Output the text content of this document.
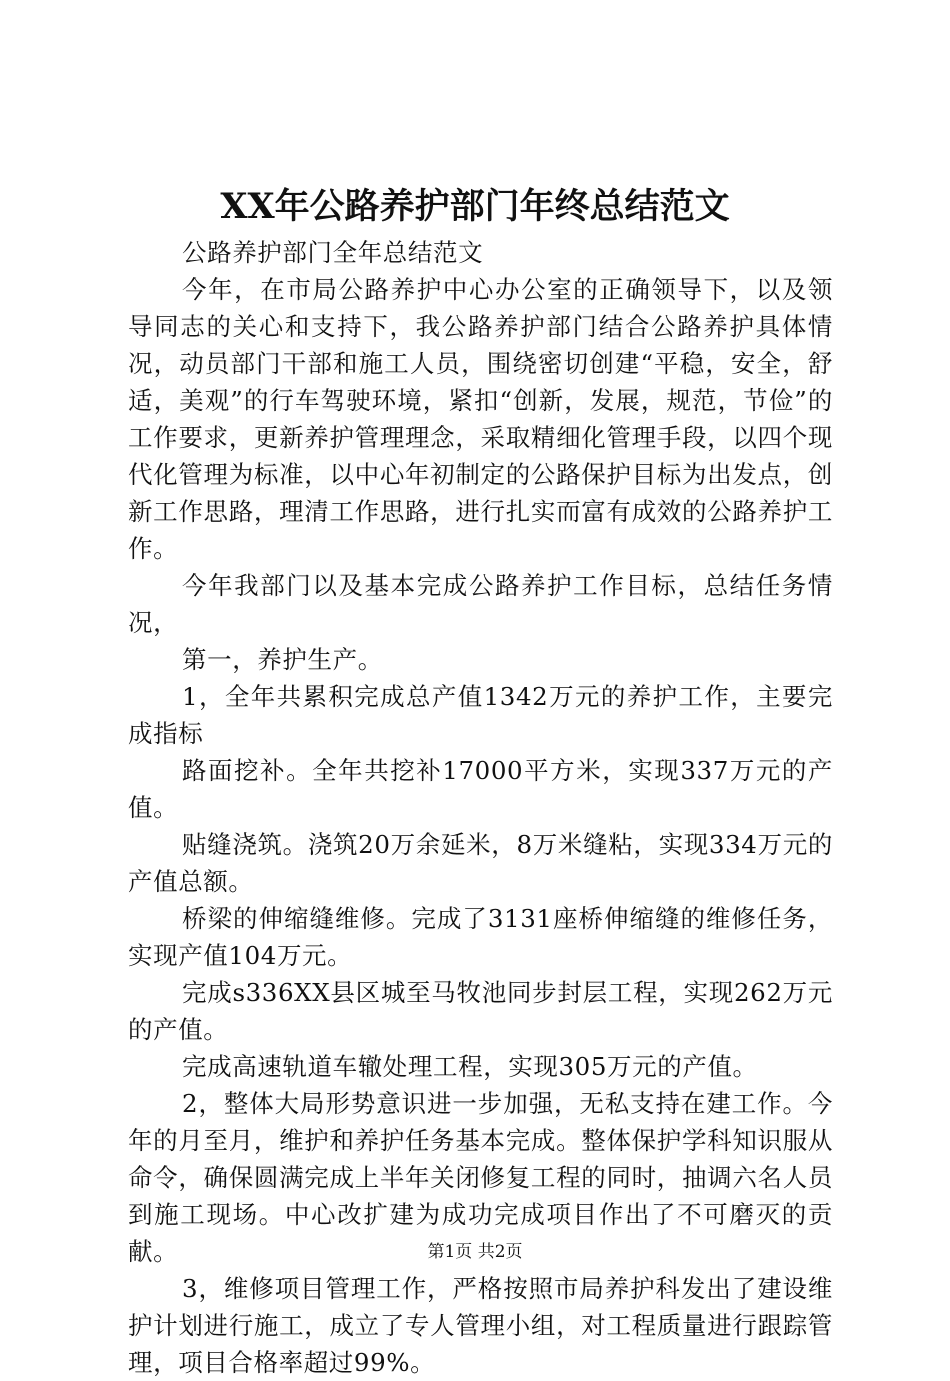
XX年公路养护部门年终总结范文

公路养护部门全年总结范文

今年，在市局公路养护中心办公室的正确领导下，以及领导同志的关心和支持下，我公路养护部门结合公路养护具体情况，动员部门干部和施工人员，围绕密切创建“平稳，安全，舒适，美观”的行车驾驶环境，紧扣“创新，发展，规范，节俭”的工作要求，更新养护管理理念，采取精细化管理手段，以四个现代化管理为标准，以中心年初制定的公路保护目标为出发点，创新工作思路，理清工作思路，进行扎实而富有成效的公路养护工作。

今年我部门以及基本完成公路养护工作目标，总结任务情况，

第一，养护生产。

1，全年共累积完成总产值1342万元的养护工作，主要完成指标

路面挖补。全年共挖补17000平方米，实现337万元的产值。

贴缝浇筑。浇筑20万余延米，8万米缝粘，实现334万元的产值总额。

桥梁的伸缩缝维修。完成了3131座桥伸缩缝的维修任务，实现产值104万元。

完成s336XX县区城至马牧池同步封层工程，实现262万元的产值。

完成高速轨道车辙处理工程，实现305万元的产值。

2，整体大局形势意识进一步加强，无私支持在建工作。今年的月至月，维护和养护任务基本完成。整体保护学科知识服从命令，确保圆满完成上半年关闭修复工程的同时，抽调六名人员到施工现场。中心改扩建为成功完成项目作出了不可磨灭的贡献。

3，维修项目管理工作，严格按照市局养护科发出了建设维护计划进行施工，成立了专人管理小组，对工程质量进行跟踪管理，项目合格率超过99%。

第1页 共2页
